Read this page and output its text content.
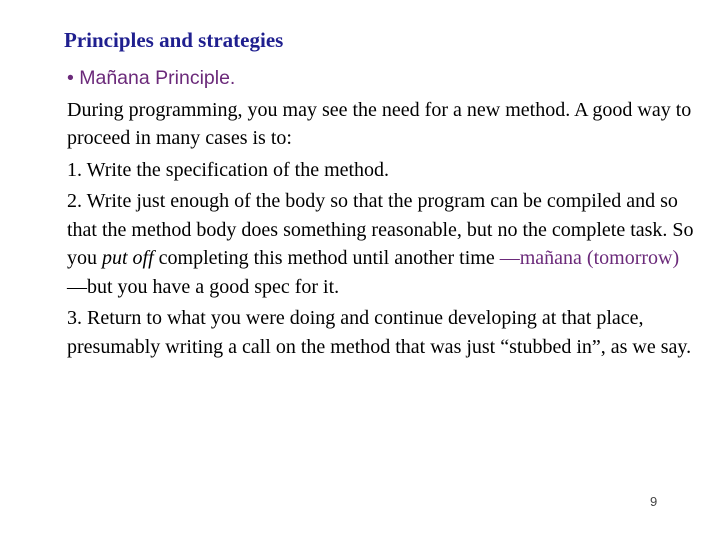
Principles and strategies
• Mañana Principle.
During programming, you may see the need for a new method. A good way to proceed in many cases is to:
1. Write the specification of the method.
2. Write just enough of the body so that the program can be compiled and so that the method body does something reasonable, but no the complete task. So you put off completing this method until another time —mañana (tomorrow) —but you have a good spec for it.
3. Return to what you were doing and continue developing at that place, presumably writing a call on the method that was just “stubbed in”, as we say.
9
